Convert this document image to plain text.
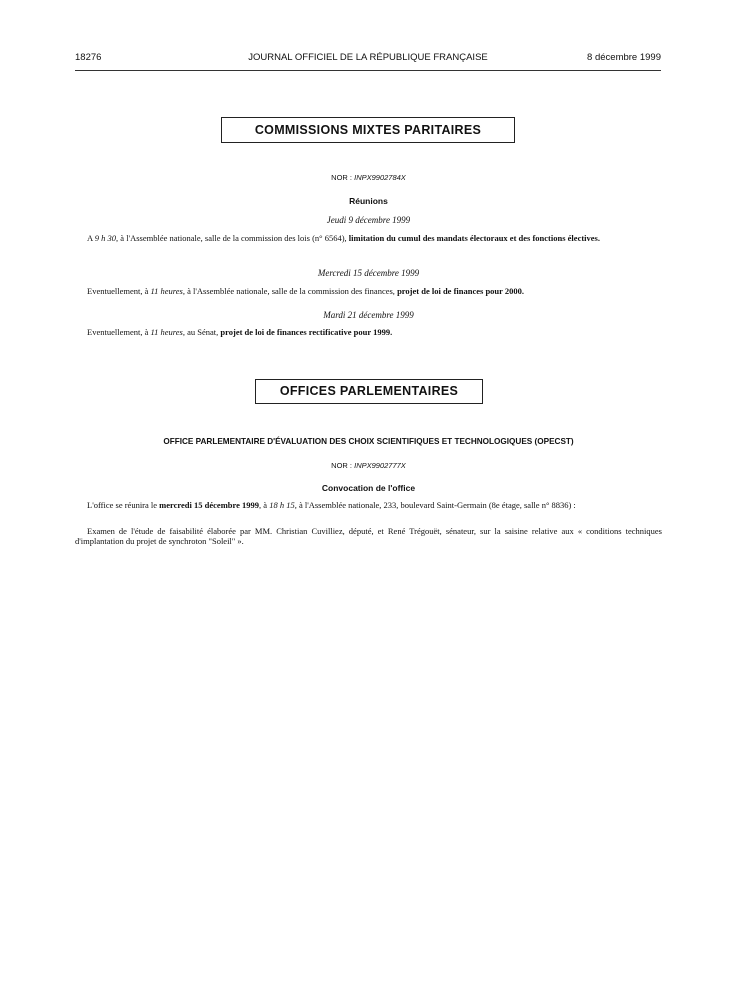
18276	JOURNAL OFFICIEL DE LA RÉPUBLIQUE FRANÇAISE	8 décembre 1999
COMMISSIONS MIXTES PARITAIRES
NOR : INPX9902784X
Réunions
Jeudi 9 décembre 1999
A 9 h 30, à l'Assemblée nationale, salle de la commission des lois (n° 6564), limitation du cumul des mandats électoraux et des fonctions électives.
Mercredi 15 décembre 1999
Eventuellement, à 11 heures, à l'Assemblée nationale, salle de la commission des finances, projet de loi de finances pour 2000.
Mardi 21 décembre 1999
Eventuellement, à 11 heures, au Sénat, projet de loi de finances rectificative pour 1999.
OFFICES PARLEMENTAIRES
OFFICE PARLEMENTAIRE D'ÉVALUATION DES CHOIX SCIENTIFIQUES ET TECHNOLOGIQUES (OPECST)
NOR : INPX9902777X
Convocation de l'office
L'office se réunira le mercredi 15 décembre 1999, à 18 h 15, à l'Assemblée nationale, 233, boulevard Saint-Germain (8e étage, salle n° 8836) :
Examen de l'étude de faisabilité élaborée par MM. Christian Cuvilliez, député, et René Trégouët, sénateur, sur la saisine relative aux « conditions techniques d'implantation du projet de synchroton "Soleil" ».
